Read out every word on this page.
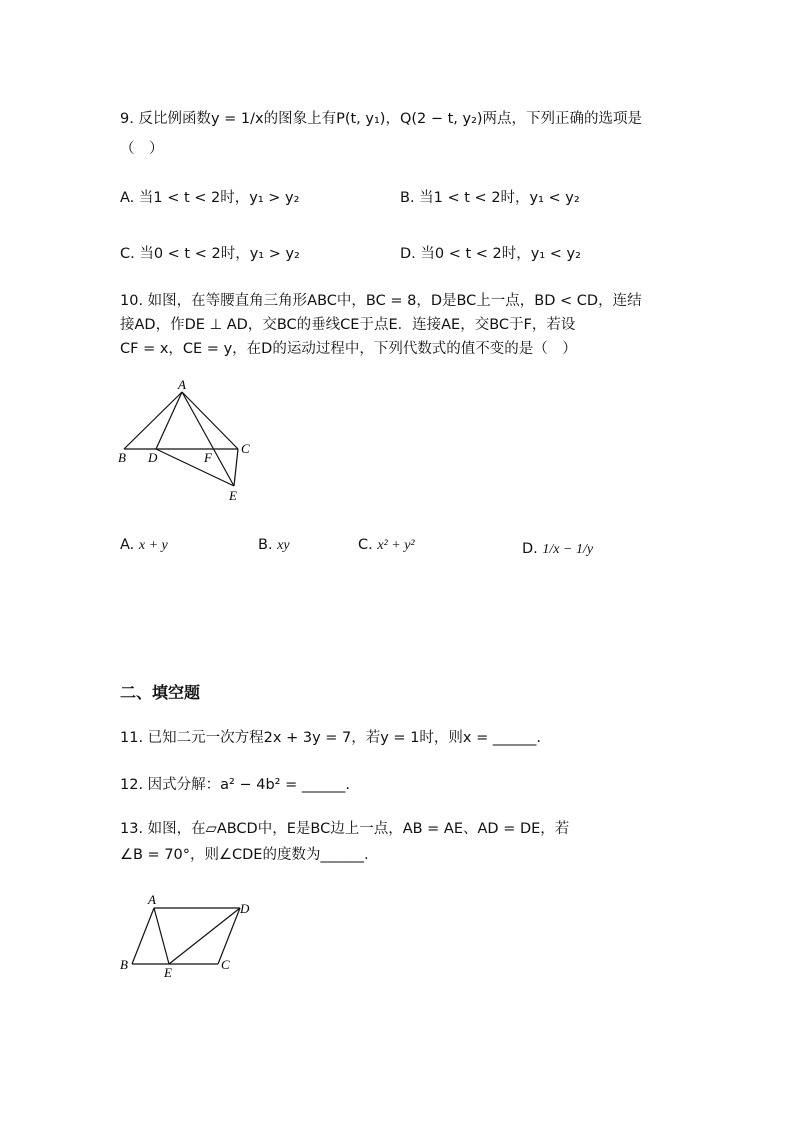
9. 反比例函数y = 1/x的图象上有P(t, y₁)，Q(2 − t, y₂)两点，下列正确的选项是
（　）
A. 当1 < t < 2时，y₁ > y₂	B. 当1 < t < 2时，y₁ < y₂
C. 当0 < t < 2时，y₁ > y₂	D. 当0 < t < 2时，y₁ < y₂
10. 如图，在等腰直角三角形ABC中，BC = 8，D是BC上一点，BD < CD，连结
接AD，作DE ⊥ AD，交BC的垂线CE于点E．连接AE，交BC于F，若设
CF = x，CE = y，在D的运动过程中，下列代数式的值不变的是（　）
A
B D	F
C
E
A. x + y	B. xy	C. x² + y²	D. 1/x − 1/y
二、填空题
11. 已知二元一次方程2x + 3y = 7，若y = 1时，则x = ______.
12. 因式分解：a² − 4b² = ______.
13. 如图，在▱ABCD中，E是BC边上一点，AB = AE、AD = DE，若
∠B = 70°，则∠CDE的度数为______.
A
D
B
E
C
